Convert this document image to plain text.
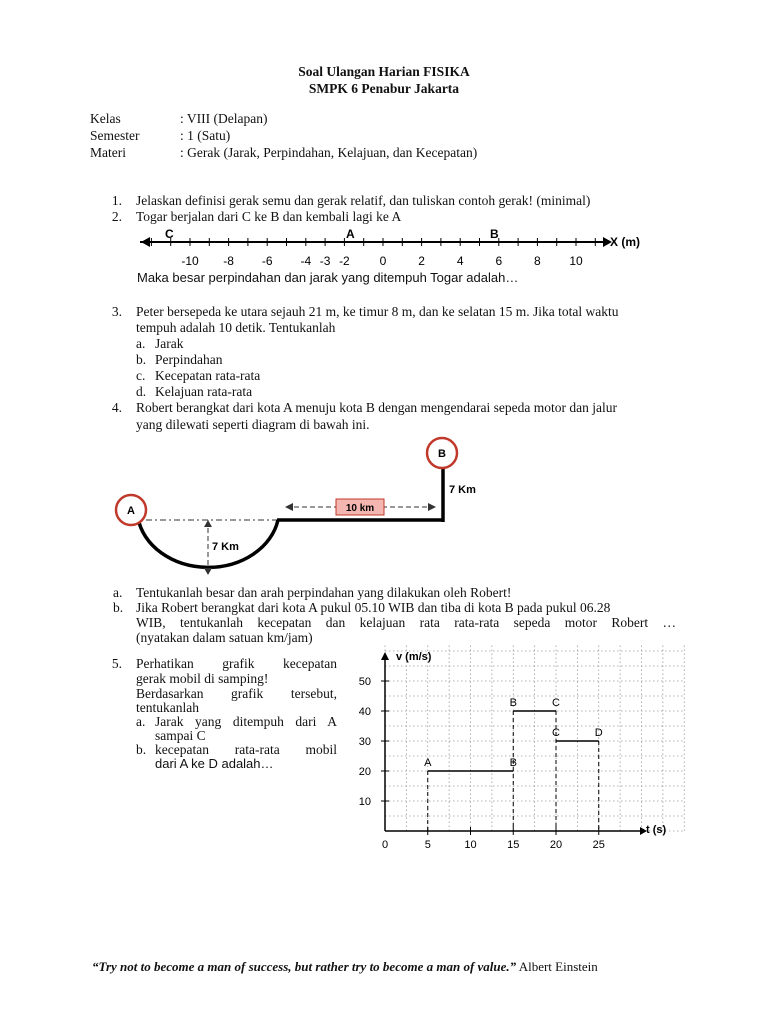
Soal Ulangan Harian FISIKA
SMPK 6 Penabur Jakarta
Kelas	: VIII (Delapan)
Semester	: 1 (Satu)
Materi	: Gerak (Jarak, Perpindahan, Kelajuan, dan Kecepatan)
1. Jelaskan definisi gerak semu dan gerak relatif, dan tuliskan contoh gerak! (minimal)
2. Togar berjalan dari C ke B dan kembali lagi ke A
-10 -8 -6 -4 -3 -2 0	2	4	6	8 10
C	A	B
X (m)
Maka besar perpindahan dan jarak yang ditempuh Togar adalah…
3. Peter bersepeda ke utara sejauh 21 m, ke timur 8 m, dan ke selatan 15 m. Jika total waktu
tempuh adalah 10 detik. Tentukanlah
a. Jarak
b. Perpindahan
c. Kecepatan rata-rata
d. Kelajuan rata-rata
4. Robert berangkat dari kota A menuju kota B dengan mengendarai sepeda motor dan jalur
yang dilewati seperti diagram di bawah ini.
10 km
7 Km
7 Km
A
B
a. Tentukanlah besar dan arah perpindahan yang dilakukan oleh Robert!
b. Jika Robert berangkat dari kota A pukul 05.10 WIB dan tiba di kota B pada pukul 06.28
WIB, tentukanlah kecepatan dan kelajuan rata rata-rata sepeda motor Robert …
(nyatakan dalam satuan km/jam)
5. Perhatikan grafik kecepatan
gerak mobil di samping!
Berdasarkan grafik tersebut,
tentukanlah
a. Jarak yang ditempuh dari A
sampai C
b. kecepatan rata-rata mobil
dari A ke D adalah…
0	5	10	15	20	25
10
20
30
40
50
A	B
B	C
C	D
v (m/s)
t (s)
“Try not to become a man of success, but rather try to become a man of value.” Albert Einstein
